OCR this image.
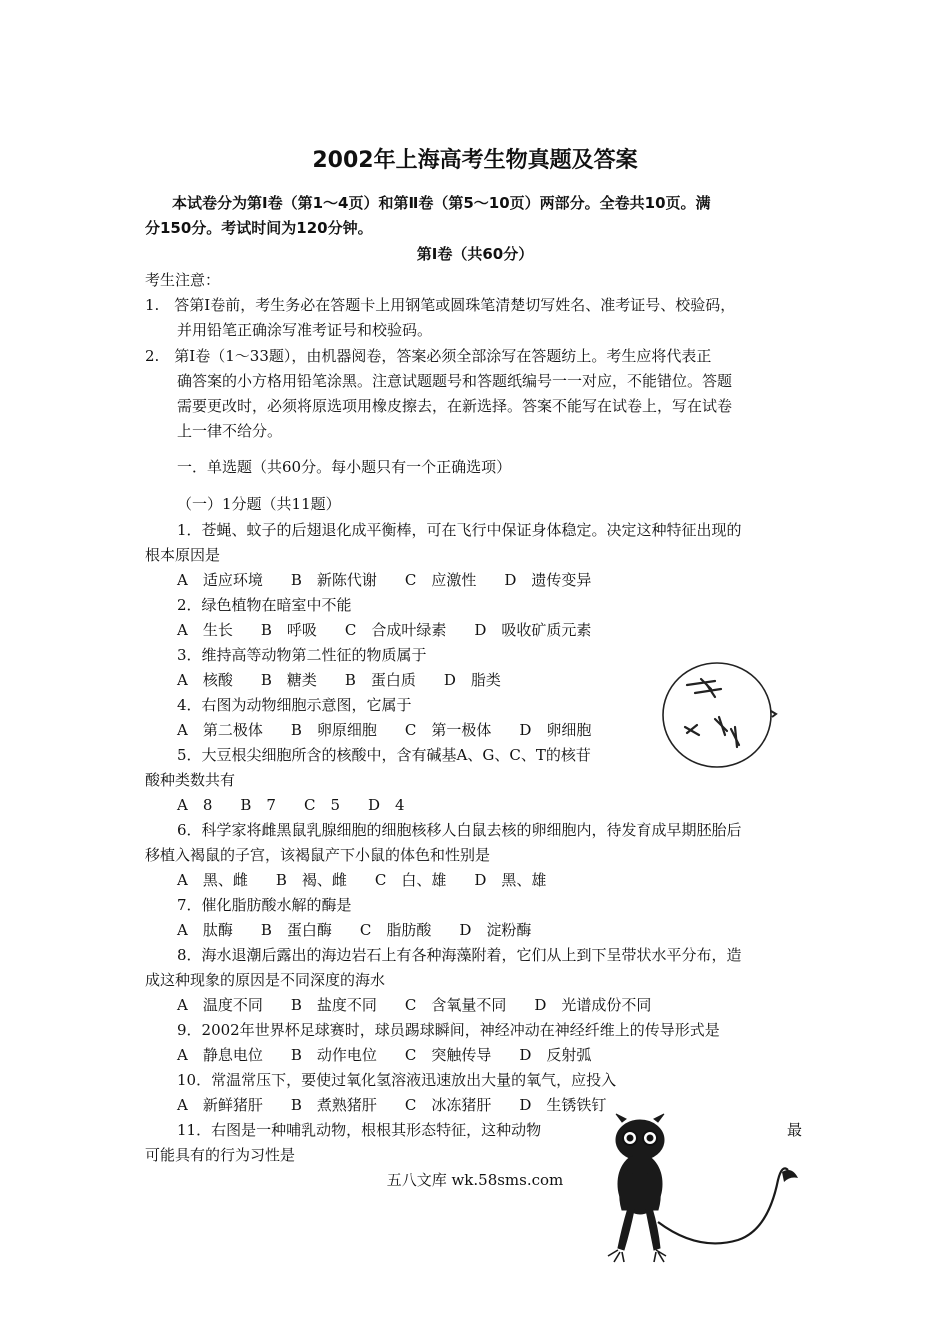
2002年上海高考生物真题及答案
本试卷分为第Ⅰ卷（第1～4页）和第Ⅱ卷（第5～10页）两部分。全卷共10页。满
分150分。考试时间为120分钟。
第Ⅰ卷（共60分）
考生注意：
1.　答第Ⅰ卷前，考生务必在答题卡上用钢笔或圆珠笔清楚切写姓名、准考证号、校验码，
并用铅笔正确涂写准考证号和校验码。
2.　第Ⅰ卷（1～33题），由机器阅卷，答案必须全部涂写在答题纺上。考生应将代表正
确答案的小方格用铅笔涂黑。注意试题题号和答题纸编号一一对应，不能错位。答题
需要更改时，必须将原选项用橡皮擦去，在新选择。答案不能写在试卷上，写在试卷
上一律不给分。
一．单选题（共60分。每小题只有一个正确选项）
（一）1分题（共11题）
1．苍蝇、蚊子的后翅退化成平衡棒，可在飞行中保证身体稳定。决定这种特征出现的
根本原因是
A　适应环境 B　新陈代谢 C　应激性 D　遗传变异
2．绿色植物在暗室中不能
A　生长 B　呼吸 C　合成叶绿素 D　吸收矿质元素
3．维持高等动物第二性征的物质属于
A　核酸 B　糖类 B　蛋白质 D　脂类
4．右图为动物细胞示意图，它属于
A　第二极体 B　卵原细胞 C　第一极体 D　卵细胞
5．大豆根尖细胞所含的核酸中，含有碱基A、G、C、T的核苷
酸种类数共有
A　8 B　7 C　5 D　4
6．科学家将雌黑鼠乳腺细胞的细胞核移人白鼠去核的卵细胞内，待发育成早期胚胎后
移植入褐鼠的子宫，该褐鼠产下小鼠的体色和性别是
A　黑、雌 B　褐、雌 C　白、雄 D　黑、雄
7．催化脂肪酸水解的酶是
A　肽酶 B　蛋白酶 C　脂肪酸 D　淀粉酶
8．海水退潮后露出的海边岩石上有各种海藻附着，它们从上到下呈带状水平分布，造
成这种现象的原因是不同深度的海水
A　温度不同 B　盐度不同 C　含氧量不同 D　光谱成份不同
9．2002年世界杯足球赛时，球员踢球瞬间，神经冲动在神经纤维上的传导形式是
A　静息电位 B　动作电位 C　突触传导 D　反射弧
10．常温常压下，要使过氧化氢溶液迅速放出大量的氧气，应投入
A　新鲜猪肝 B　煮熟猪肝 C　冰冻猪肝 D　生锈铁钉
11．右图是一种哺乳动物，根根其形态特征，这种动物	最
可能具有的行为习性是
五八文库 wk.58sms.com
